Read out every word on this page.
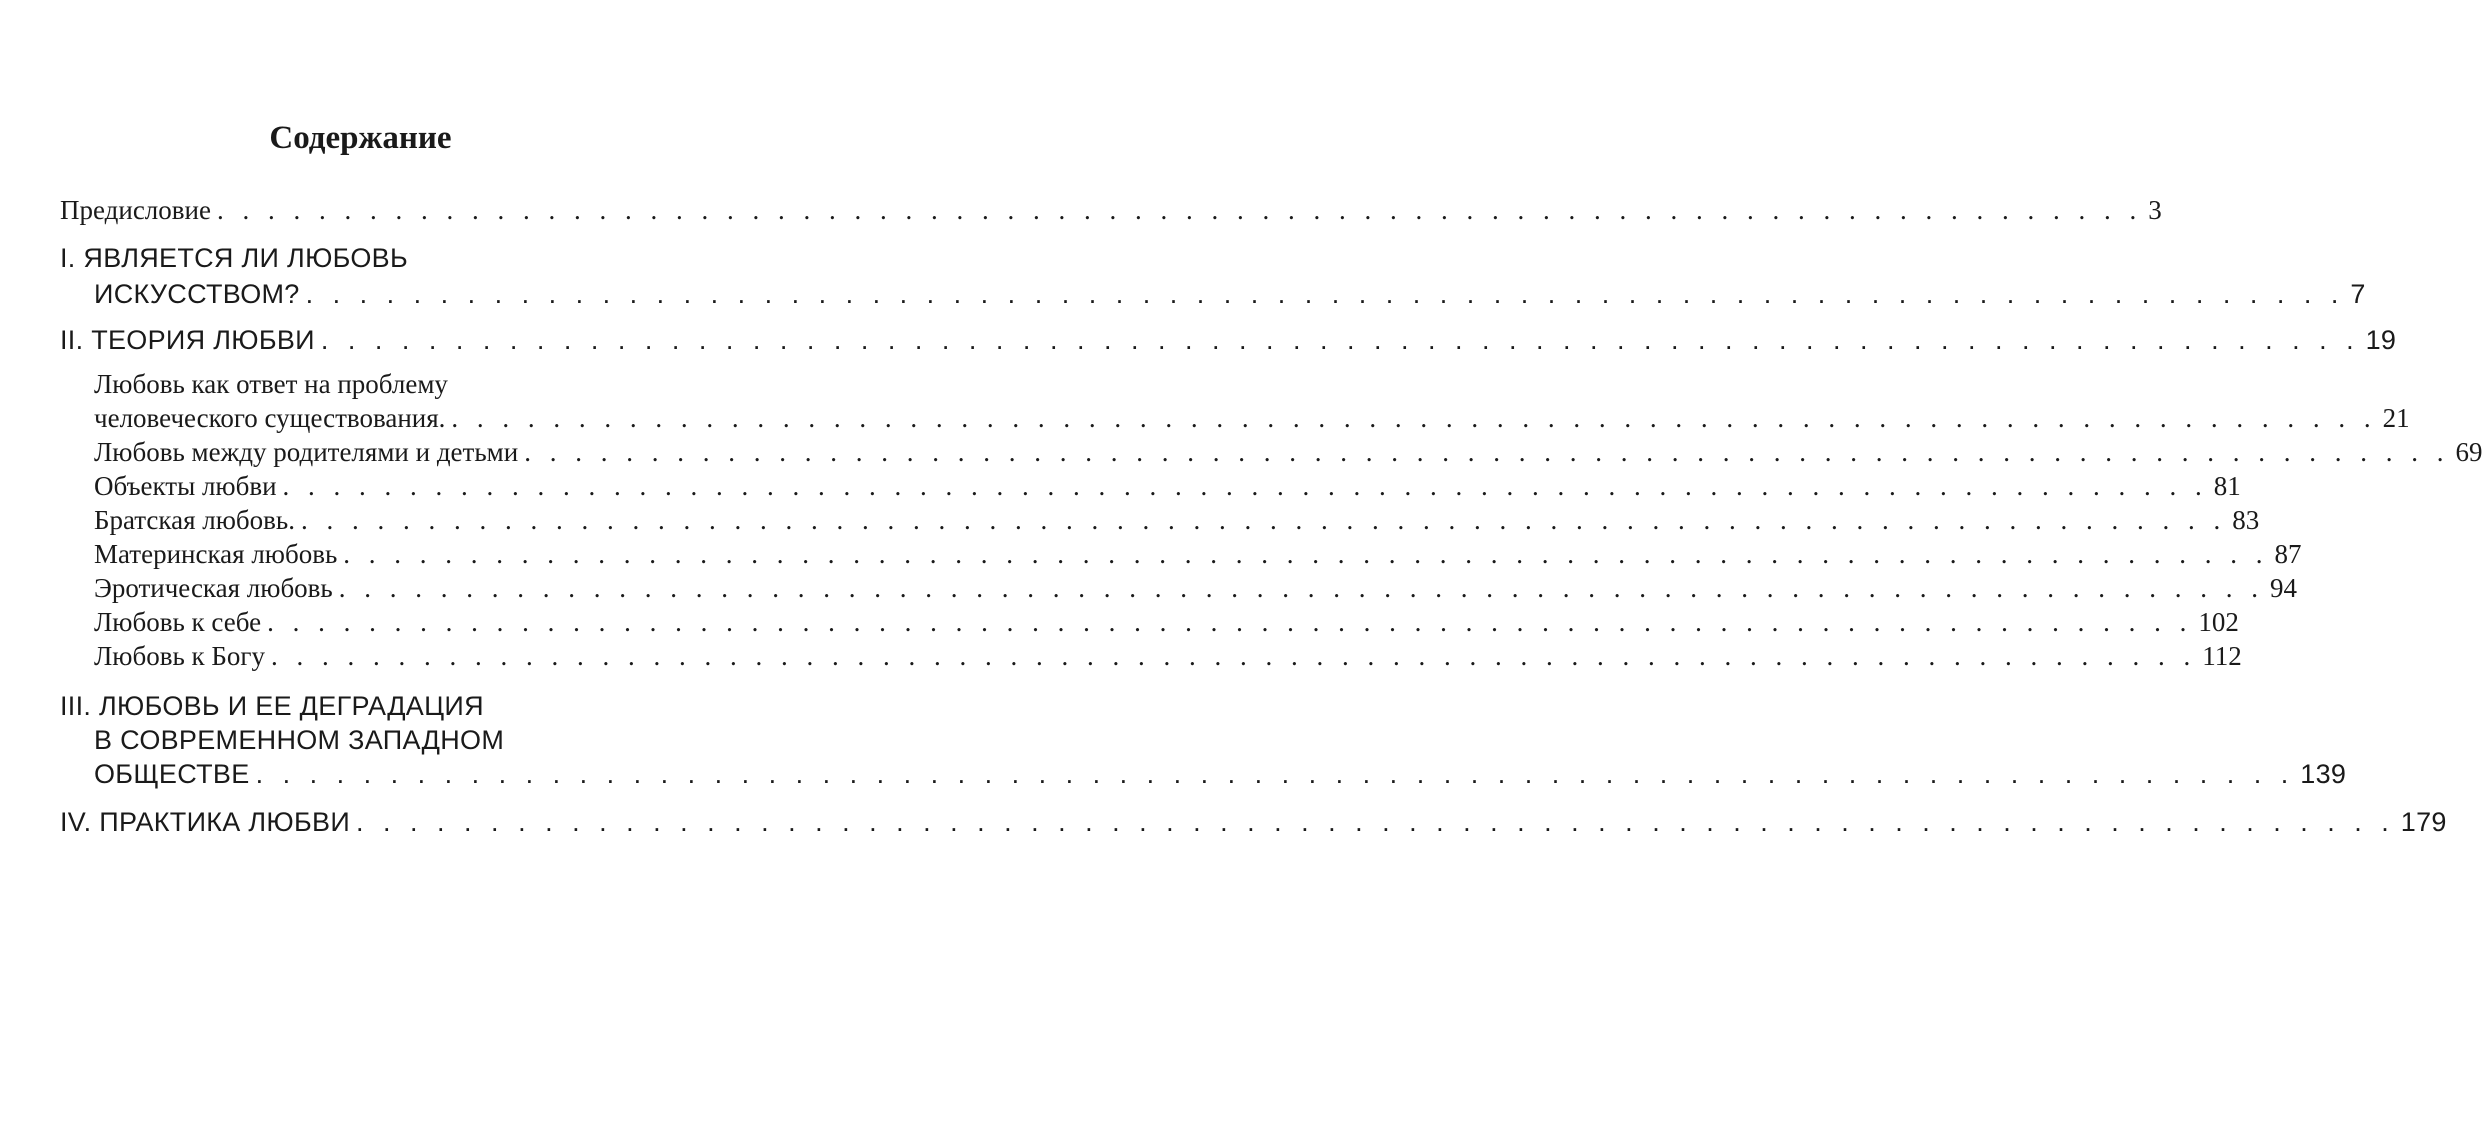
Содержание
Предисловие . . . . . . . . . . . . . . . . . . . . . . . . . . . . . . . . . . . . . . . . . . . . . . . . . . . . . . . . . . . . . . . . . . . . . . . . . . . . 3
I. ЯВЛЯЕТСЯ ЛИ ЛЮБОВЬ
ИСКУССТВОМ? . . . . . . . . . . . . . . . . . . . . . . . . . . . . . . . . . . . . . . . . . . . . . . . . . . . . . . . . . . . . . . . . . . . . . . . . . . . . 7
II. ТЕОРИЯ ЛЮБВИ . . . . . . . . . . . . . . . . . . . . . . . . . . . . . . . . . . . . . . . . . . . . . . . . . . . . . . . . . . . . . . . . . . . . . . . . . . . . 19
Любовь как ответ на проблему
человеческого существования. . . . . . . . . . . . . . . . . . . . . . . . . . . . . . . . . . . . . . . . . . . . . . . . . . . . . . . . . . . . . . . . . . . . . . . . . . . . . 21
Любовь между родителями и детьми . . . . . . . . . . . . . . . . . . . . . . . . . . . . . . . . . . . . . . . . . . . . . . . . . . . . . . . . . . . . . . . . . . . . . . . . . . . . 69
Объекты любви . . . . . . . . . . . . . . . . . . . . . . . . . . . . . . . . . . . . . . . . . . . . . . . . . . . . . . . . . . . . . . . . . . . . . . . . . . . . 81
Братская любовь. . . . . . . . . . . . . . . . . . . . . . . . . . . . . . . . . . . . . . . . . . . . . . . . . . . . . . . . . . . . . . . . . . . . . . . . . . . . . 83
Материнская любовь . . . . . . . . . . . . . . . . . . . . . . . . . . . . . . . . . . . . . . . . . . . . . . . . . . . . . . . . . . . . . . . . . . . . . . . . . . . . 87
Эротическая любовь . . . . . . . . . . . . . . . . . . . . . . . . . . . . . . . . . . . . . . . . . . . . . . . . . . . . . . . . . . . . . . . . . . . . . . . . . . . . 94
Любовь к себе . . . . . . . . . . . . . . . . . . . . . . . . . . . . . . . . . . . . . . . . . . . . . . . . . . . . . . . . . . . . . . . . . . . . . . . . . . . . 102
Любовь к Богу . . . . . . . . . . . . . . . . . . . . . . . . . . . . . . . . . . . . . . . . . . . . . . . . . . . . . . . . . . . . . . . . . . . . . . . . . . . . 112
III. ЛЮБОВЬ И ЕЕ ДЕГРАДАЦИЯ
В СОВРЕМЕННОМ ЗАПАДНОМ
ОБЩЕСТВЕ . . . . . . . . . . . . . . . . . . . . . . . . . . . . . . . . . . . . . . . . . . . . . . . . . . . . . . . . . . . . . . . . . . . . . . . . . . . . 139
IV. ПРАКТИКА ЛЮБВИ . . . . . . . . . . . . . . . . . . . . . . . . . . . . . . . . . . . . . . . . . . . . . . . . . . . . . . . . . . . . . . . . . . . . . . . . . . . . 179
